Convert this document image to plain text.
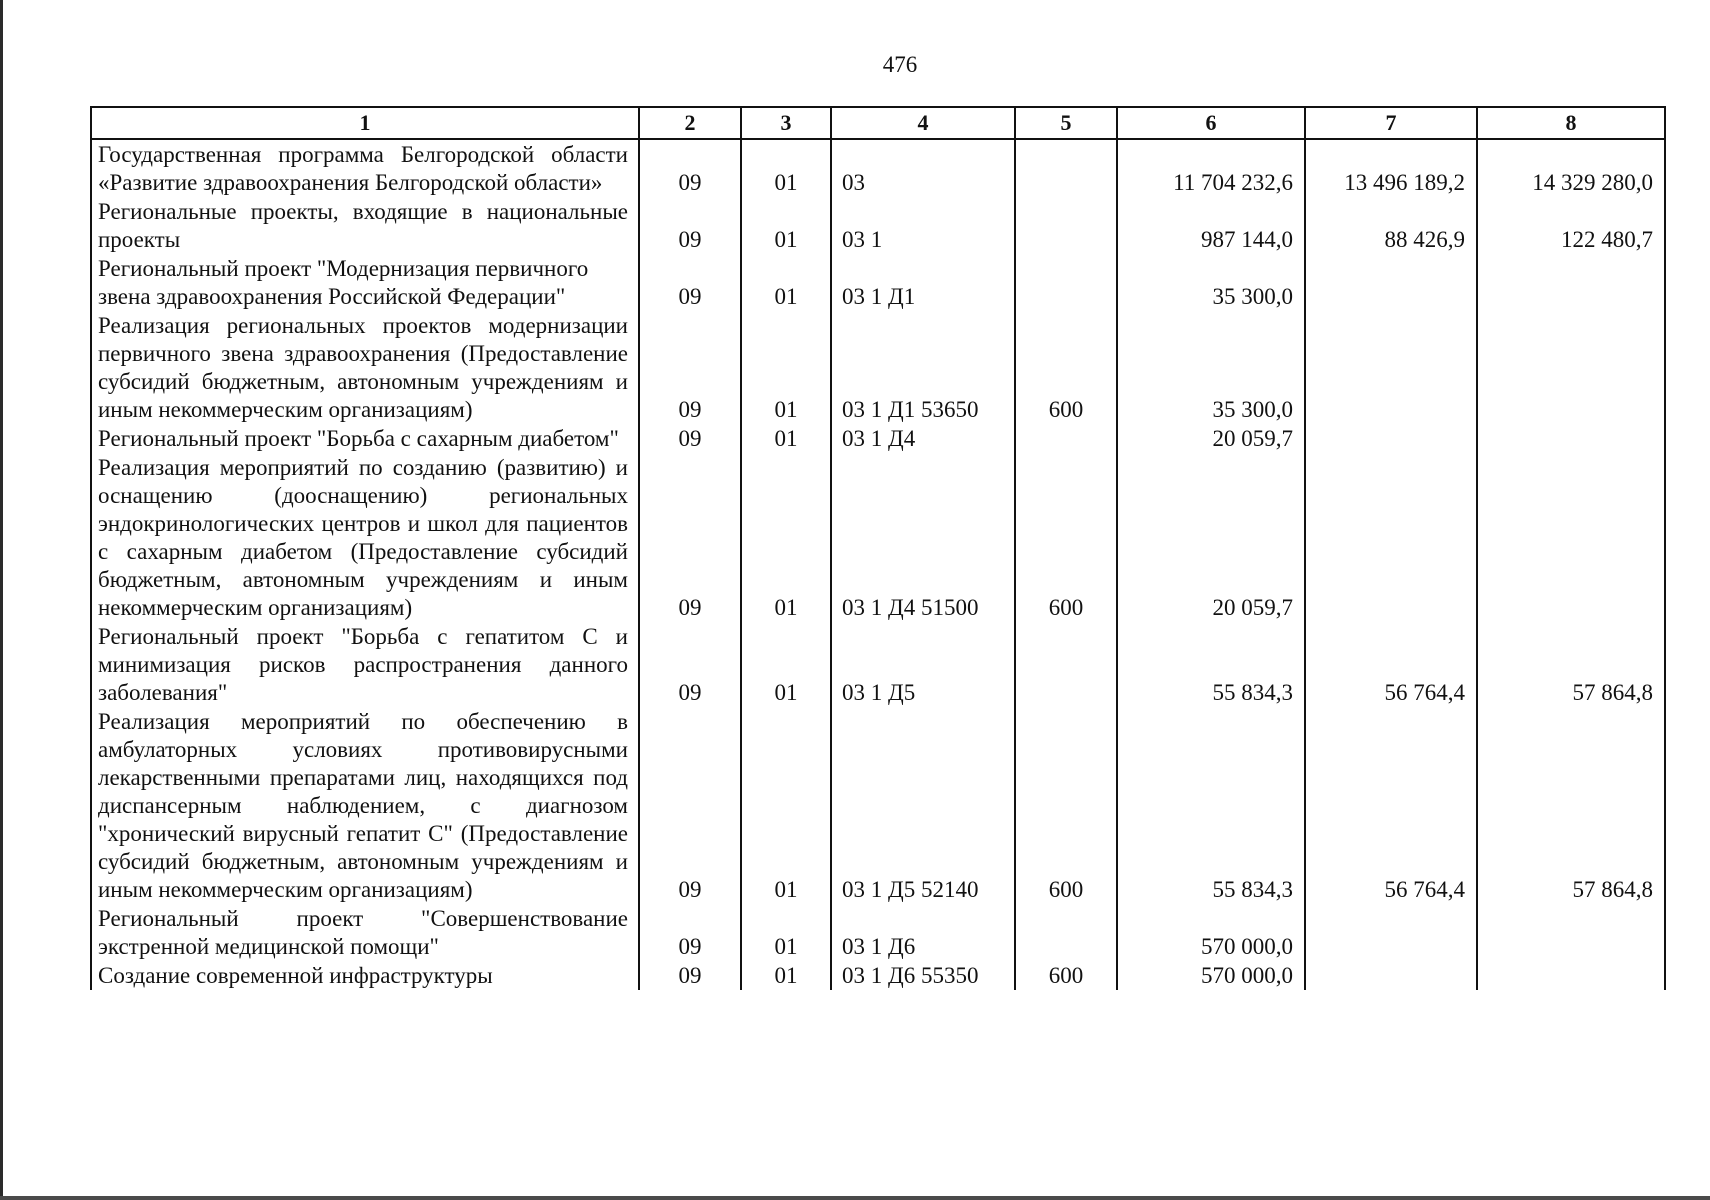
476
1	2	3	4	5	6	7	8
Государственная программа Белгородской области «Развитие здравоохранения Белгородской области»	09	01	03		11 704 232,6	13 496 189,2	14 329 280,0
Региональные проекты, входящие в национальные проекты	09	01	03 1		987 144,0	88 426,9	122 480,7
Региональный проект "Модернизация первичного звена здравоохранения Российской Федерации"	09	01	03 1 Д1		35 300,0		
Реализация региональных проектов модернизации первичного звена здравоохранения (Предоставление субсидий бюджетным, автономным учреждениям и иным некоммерческим организациям)	09	01	03 1 Д1 53650	600	35 300,0		
Региональный проект "Борьба с сахарным диабетом"	09	01	03 1 Д4		20 059,7		
Реализация мероприятий по созданию (развитию) и оснащению (дооснащению) региональных эндокринологических центров и школ для пациентов с сахарным диабетом (Предоставление субсидий бюджетным, автономным учреждениям и иным некоммерческим организациям)	09	01	03 1 Д4 51500	600	20 059,7		
Региональный проект "Борьба с гепатитом С и минимизация рисков распространения данного заболевания"	09	01	03 1 Д5		55 834,3	56 764,4	57 864,8
Реализация мероприятий по обеспечению в амбулаторных условиях противовирусными лекарственными препаратами лиц, находящихся под диспансерным наблюдением, с диагнозом "хронический вирусный гепатит С" (Предоставление субсидий бюджетным, автономным учреждениям и иным некоммерческим организациям)	09	01	03 1 Д5 52140	600	55 834,3	56 764,4	57 864,8
Региональный проект "Совершенствование экстренной медицинской помощи"	09	01	03 1 Д6		570 000,0		
Создание современной инфраструктуры	09	01	03 1 Д6 55350	600	570 000,0		
